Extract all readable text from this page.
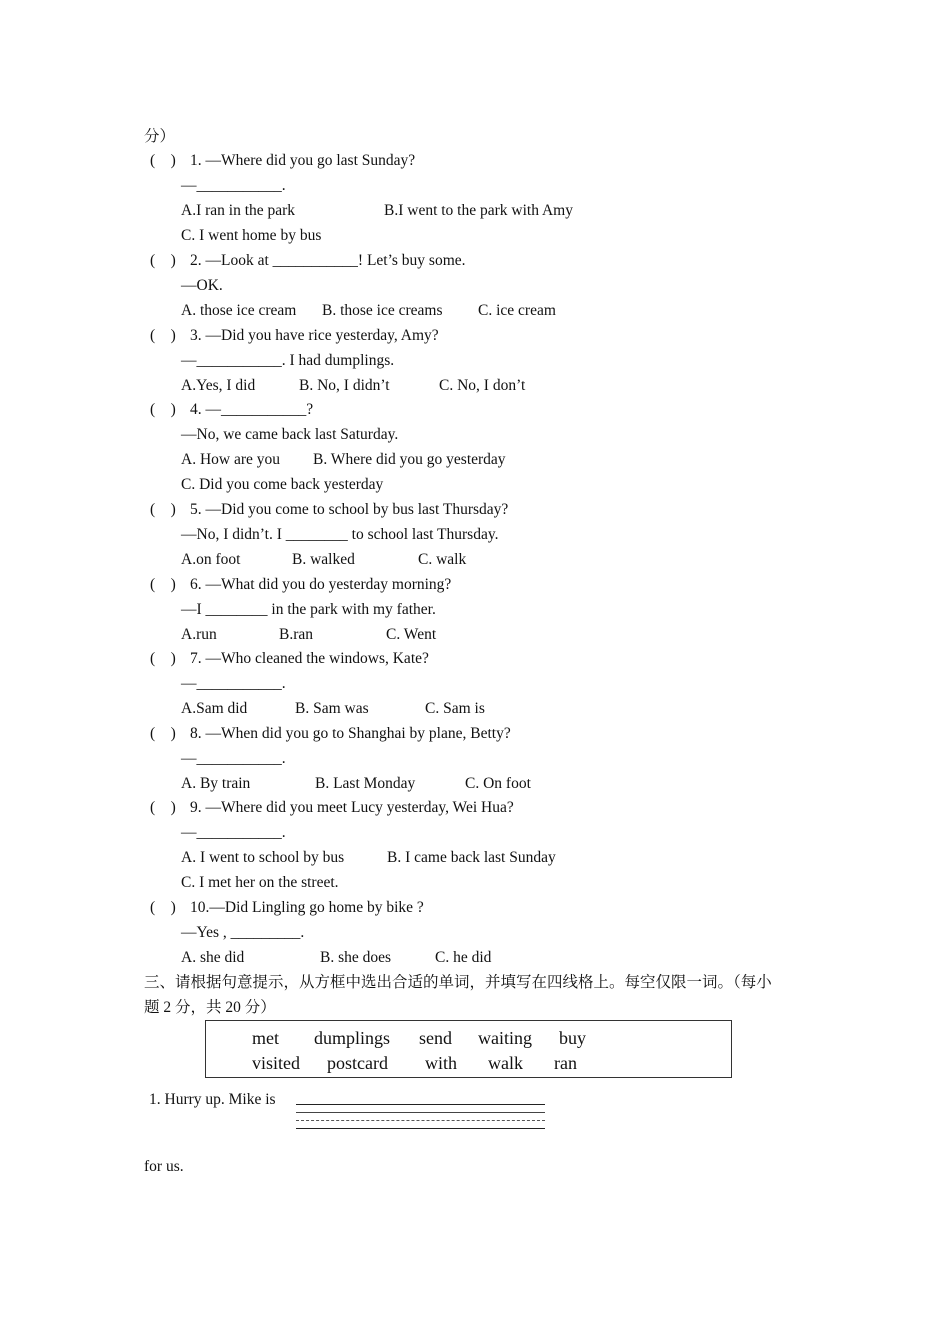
分）
(    ) 1. —Where did you go last Sunday?
—___________.
A.I ran in the park	B.I went to the park with Amy
C. I went home by bus
(    ) 2. —Look at ___________! Let’s buy some.
—OK.
A. those ice cream B. those ice creams C. ice cream
(    ) 3. —Did you have rice yesterday, Amy?
—___________. I had dumplings.
A.Yes, I did	B. No, I didn’t	C. No, I don’t
(    ) 4. —___________?
—No, we came back last Saturday.
A. How are you B. Where did you go yesterday
C. Did you come back yesterday
(    ) 5. —Did you come to school by bus last Thursday?
—No, I didn’t. I ________ to school last Thursday.
A.on foot	B. walked	C. walk
(    ) 6. —What did you do yesterday morning?
—I ________ in the park with my father.
A.run	B.ran	C. Went
(    ) 7. —Who cleaned the windows, Kate?
—___________.
A.Sam did	B. Sam was	C. Sam is
(    ) 8. —When did you go to Shanghai by plane, Betty?
—___________.
A. By train	B. Last Monday	C. On foot
(    ) 9. —Where did you meet Lucy yesterday, Wei Hua?
—___________.
A. I went to school by bus	B. I came back last Sunday
C. I met her on the street.
(    ) 10.—Did Lingling go home by bike ?
—Yes , _________.
A. she did	B. she does	C. he did
三、请根据句意提示，从方框中选出合适的单词，并填写在四线格上。每空仅限一词。（每小
题 2 分，共 20 分）
met dumplings send waiting buy
visited postcard with walk ran
1. Hurry up. Mike is
for us.
